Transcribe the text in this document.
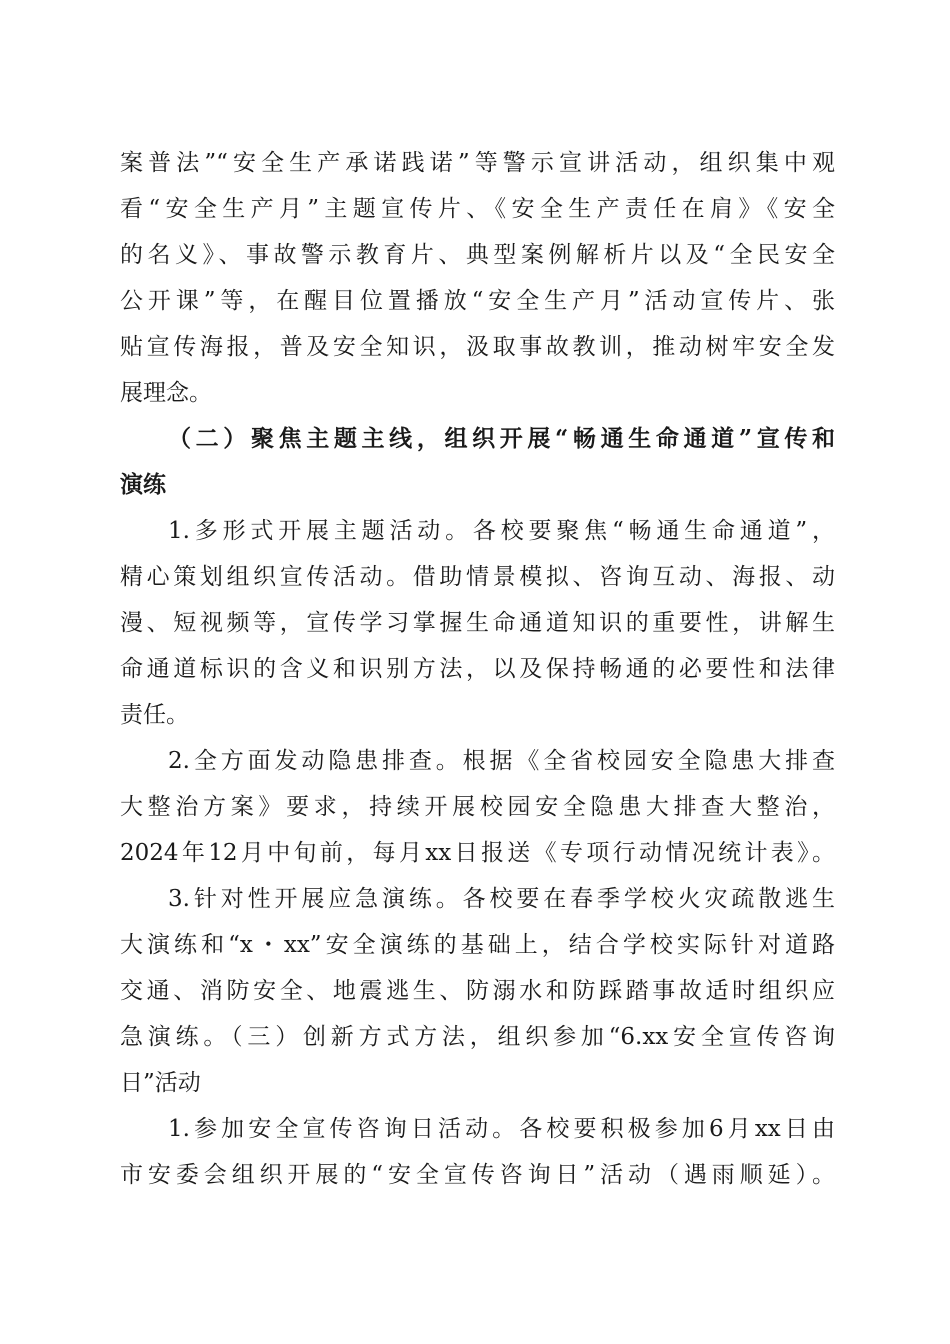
案普法”“安全生产承诺践诺”等警示宣讲活动，组织集中观
看“安全生产月”主题宣传片、《安全生产责任在肩》《安全
的名义》、事故警示教育片、典型案例解析片以及“全民安全
公开课”等，在醒目位置播放“安全生产月”活动宣传片、张
贴宣传海报，普及安全知识，汲取事故教训，推动树牢安全发
展理念。
（二）聚焦主题主线，组织开展“畅通生命通道”宣传和
演练
1.多形式开展主题活动。各校要聚焦“畅通生命通道”，
精心策划组织宣传活动。借助情景模拟、咨询互动、海报、动
漫、短视频等，宣传学习掌握生命通道知识的重要性，讲解生
命通道标识的含义和识别方法，以及保持畅通的必要性和法律
责任。
2.全方面发动隐患排查。根据《全省校园安全隐患大排查
大整治方案》要求，持续开展校园安全隐患大排查大整治，
2024年12月中旬前，每月xx日报送《专项行动情况统计表》。
3.针对性开展应急演练。各校要在春季学校火灾疏散逃生
大演练和“x・xx”安全演练的基础上，结合学校实际针对道路
交通、消防安全、地震逃生、防溺水和防踩踏事故适时组织应
急演练。（三）创新方式方法，组织参加“6.xx安全宣传咨询
日”活动
1.参加安全宣传咨询日活动。各校要积极参加6月xx日由
市安委会组织开展的“安全宣传咨询日”活动（遇雨顺延）。
